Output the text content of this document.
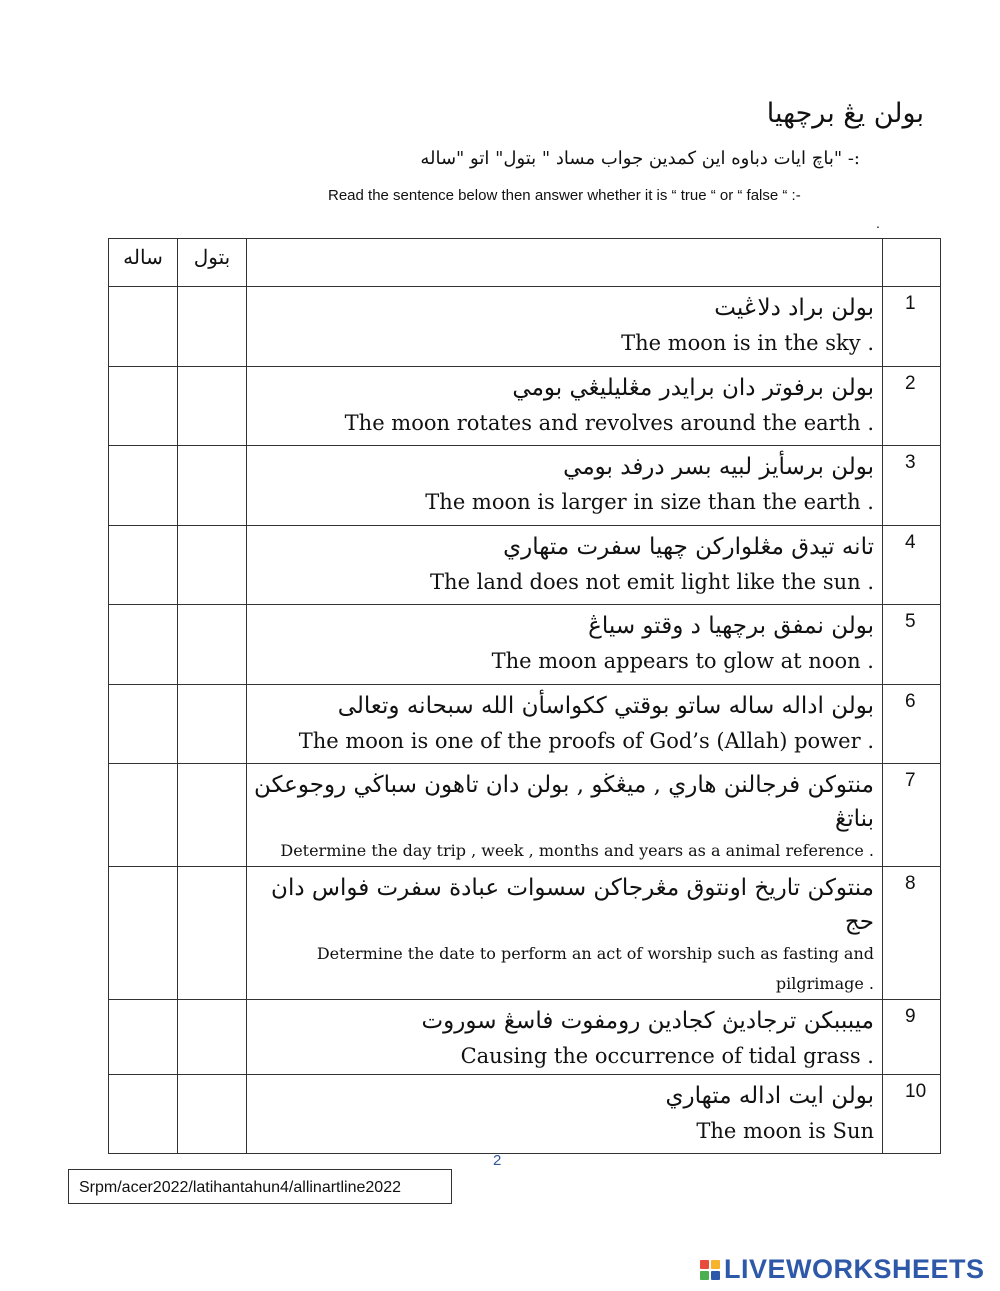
بولن يڠ برچهيا
:- "باچ ايات دباوه اين كمدين جواب مساد " بتول" اتو "ساله
Read the sentence below then answer whether it is “ true “ or “ false “ :-
.
ساله	بتول		

		بولن براد دلاڠيت
The moon is in the sky .	1

		بولن برفوتر دان برايدر مڠليليڠي بومي
The moon rotates and revolves around the earth .	2

		بولن برسأيز لبيه بسر درفد بومي
The moon is larger in size than the earth .	3

		تانه تيدق مڠلواركن چهيا سفرت متهاري
The land does not emit light like the sun .	4

		بولن نمفق برچهيا د وقتو سياڠ
The moon appears to glow at noon .	5

		بولن اداله ساله ساتو بوقتي ككواسأن الله سبحانه وتعالى
The moon is one of the proofs of God’s (Allah) power .	6

		منتوكن فرجالنن هاري , ميڠڬو , بولن دان تاهون سباڬي روجوعكن بناتڠ
Determine the day trip , week , months and years as a animal reference .	7

		منتوكن تاريخ اونتوق مڠرجاكن سسوات عبادة سفرت فواس دان حج
Determine the date to perform an act of worship such as fasting and pilgrimage .	8

		ميبببكن ترجاديڽ كجادين رومفوت فاسڠ سوروت
Causing the occurrence of tidal grass .	9

		بولن ايت اداله متهاري
The moon is Sun	10
2
Srpm/acer2022/latihantahun4/allinartline2022
LIVEWORKSHEETS
